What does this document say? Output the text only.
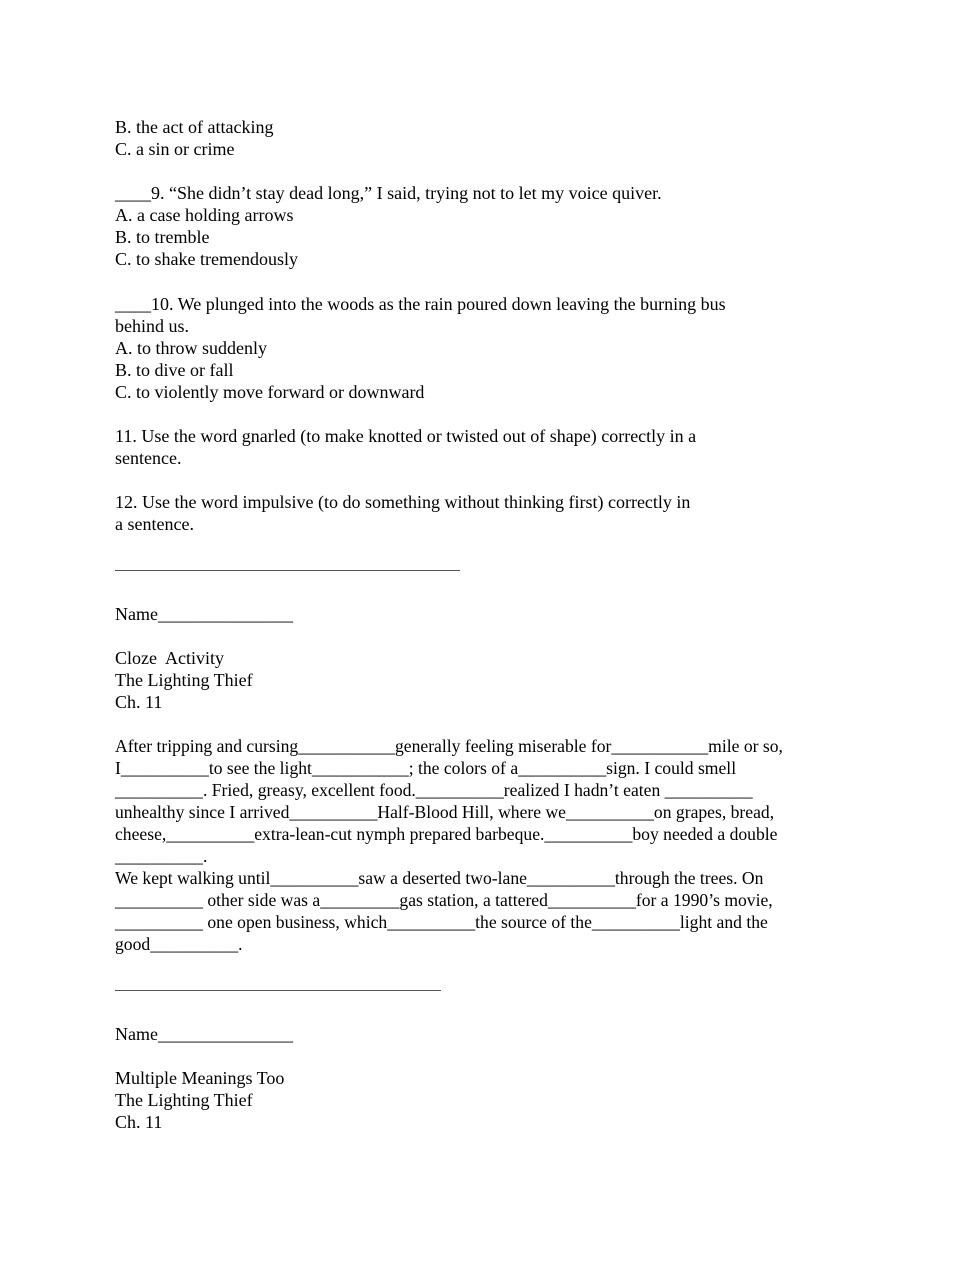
B. the act of attacking
C. a sin or crime
____9. “She didn’t stay dead long,” I said, trying not to let my voice quiver.
A. a case holding arrows
B. to tremble
C. to shake tremendously
____10. We plunged into the woods as the rain poured down leaving the burning bus
behind us.
A. to throw suddenly
B. to dive or fall
C. to violently move forward or downward
11. Use the word gnarled (to make knotted or twisted out of shape) correctly in a
sentence.
12. Use the word impulsive (to do something without thinking first) correctly in
a sentence.
Name_______________
Cloze  Activity
The Lighting Thief
Ch. 11
After tripping and cursing___________generally feeling miserable for___________mile or so,
I__________to see the light___________; the colors of a__________sign. I could smell
__________. Fried, greasy, excellent food.__________realized I hadn’t eaten __________
unhealthy since I arrived__________Half-Blood Hill, where we__________on grapes, bread,
cheese,__________extra-lean-cut nymph prepared barbeque.__________boy needed a double
__________.
We kept walking until__________saw a deserted two-lane__________through the trees. On
__________ other side was a_________gas station, a tattered__________for a 1990’s movie,
__________ one open business, which__________the source of the__________light and the
good__________.
Name_______________
Multiple Meanings Too
The Lighting Thief
Ch. 11
